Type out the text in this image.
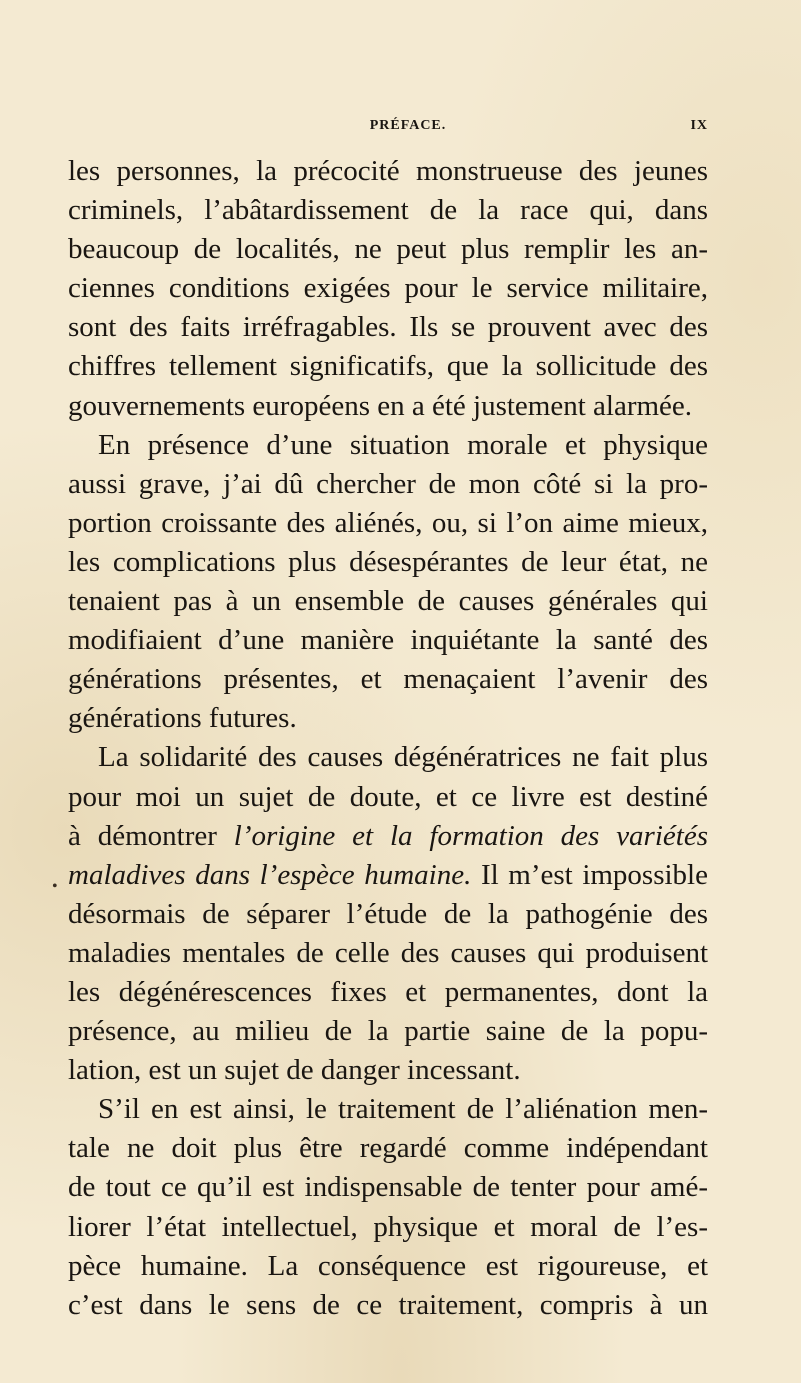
PRÉFACE.	IX
•
les personnes, la précocité monstrueuse des jeunes
criminels, l’abâtardissement de la race qui, dans
beaucoup de localités, ne peut plus remplir les an-
ciennes conditions exigées pour le service militaire,
sont des faits irréfragables. Ils se prouvent avec des
chiffres tellement significatifs, que la sollicitude des
gouvernements européens en a été justement alarmée.
En présence d’une situation morale et physique
aussi grave, j’ai dû chercher de mon côté si la pro-
portion croissante des aliénés, ou, si l’on aime mieux,
les complications plus désespérantes de leur état, ne
tenaient pas à un ensemble de causes générales qui
modifiaient d’une manière inquiétante la santé des
générations présentes, et menaçaient l’avenir des
générations futures.
La solidarité des causes dégénératrices ne fait plus
pour moi un sujet de doute, et ce livre est destiné
à démontrer l’origine et la formation des variétés
maladives dans l’espèce humaine. Il m’est impossible
désormais de séparer l’étude de la pathogénie des
maladies mentales de celle des causes qui produisent
les dégénérescences fixes et permanentes, dont la
présence, au milieu de la partie saine de la popu-
lation, est un sujet de danger incessant.
S’il en est ainsi, le traitement de l’aliénation men-
tale ne doit plus être regardé comme indépendant
de tout ce qu’il est indispensable de tenter pour amé-
liorer l’état intellectuel, physique et moral de l’es-
pèce humaine. La conséquence est rigoureuse, et
c’est dans le sens de ce traitement, compris à un
